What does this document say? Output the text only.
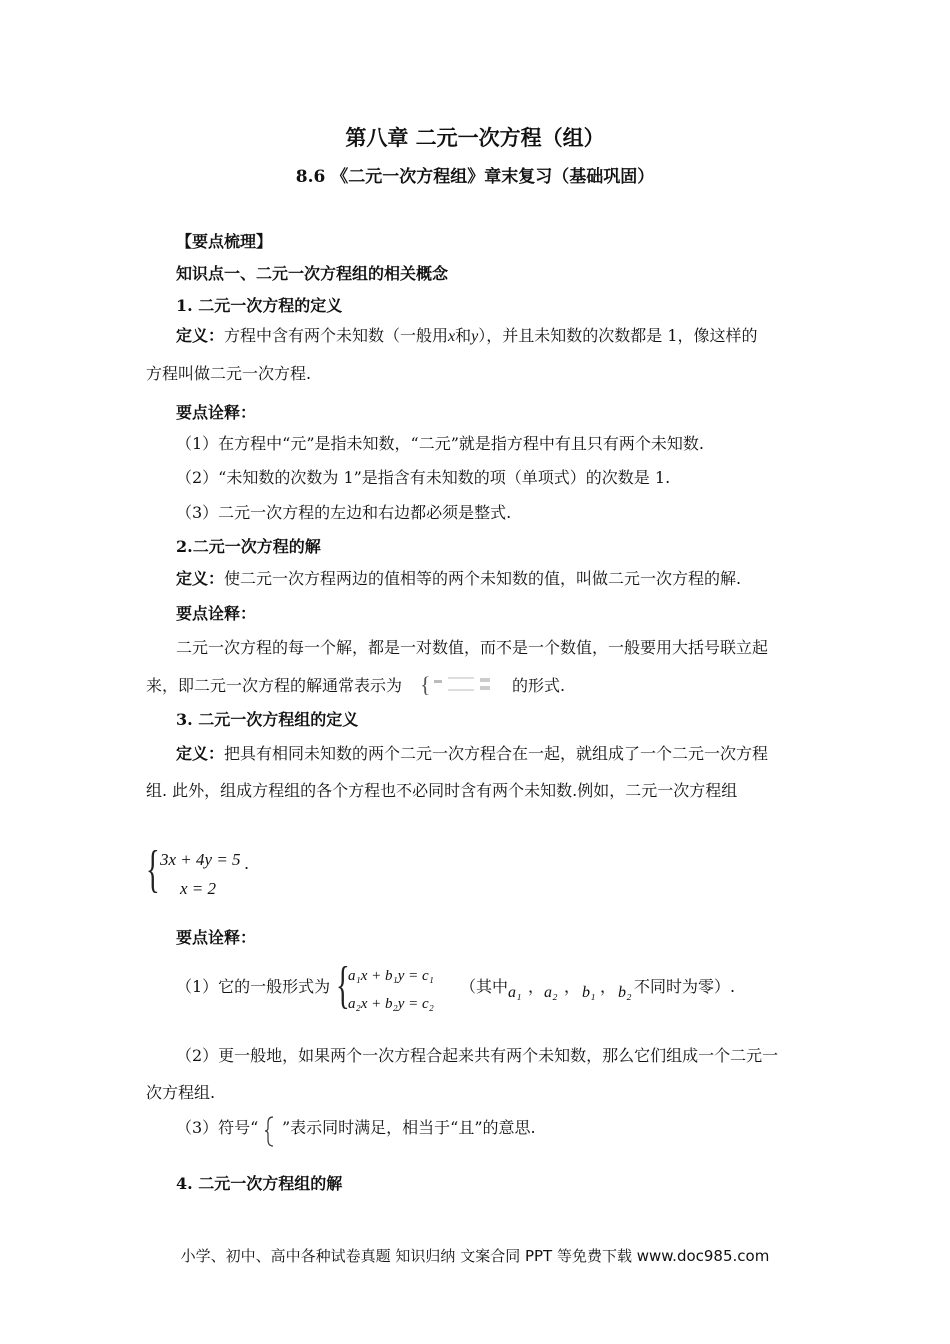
第八章 二元一次方程（组）
8.6 《二元一次方程组》章末复习（基础巩固）
【要点梳理】
知识点一、二元一次方程组的相关概念
1. 二元一次方程的定义
定义：方程中含有两个未知数（一般用x和y），并且未知数的次数都是 1，像这样的
方程叫做二元一次方程.
要点诠释：
（1）在方程中“元”是指未知数，“二元”就是指方程中有且只有两个未知数.
（2）“未知数的次数为 1”是指含有未知数的项（单项式）的次数是 1.
（3）二元一次方程的左边和右边都必须是整式.
2.二元一次方程的解
定义：使二元一次方程两边的值相等的两个未知数的值，叫做二元一次方程的解.
要点诠释：
二元一次方程的每一个解，都是一对数值，而不是一个数值，一般要用大括号联立起
来，即二元一次方程的解通常表示为 {	的形式.
3. 二元一次方程组的定义
定义：把具有相同未知数的两个二元一次方程合在一起，就组成了一个二元一次方程
组. 此外，组成方程组的各个方程也不必同时含有两个未知数.例如，二元一次方程组
{ 3x + 4y = 5
x = 2
.
要点诠释：
（1）它的一般形式为 {
a₁x + b₁y = c₁
a₂x + b₂y = c₂
（其中 a₁ ， a₂ ， b₁ ， b₂ 不同时为零）.
（2）更一般地，如果两个一次方程合起来共有两个未知数，那么它们组成一个二元一
次方程组.
（3）符号“ ”表示同时满足，相当于“且”的意思.
4. 二元一次方程组的解
小学、初中、高中各种试卷真题 知识归纳 文案合同 PPT 等免费下载 www.doc985.com
